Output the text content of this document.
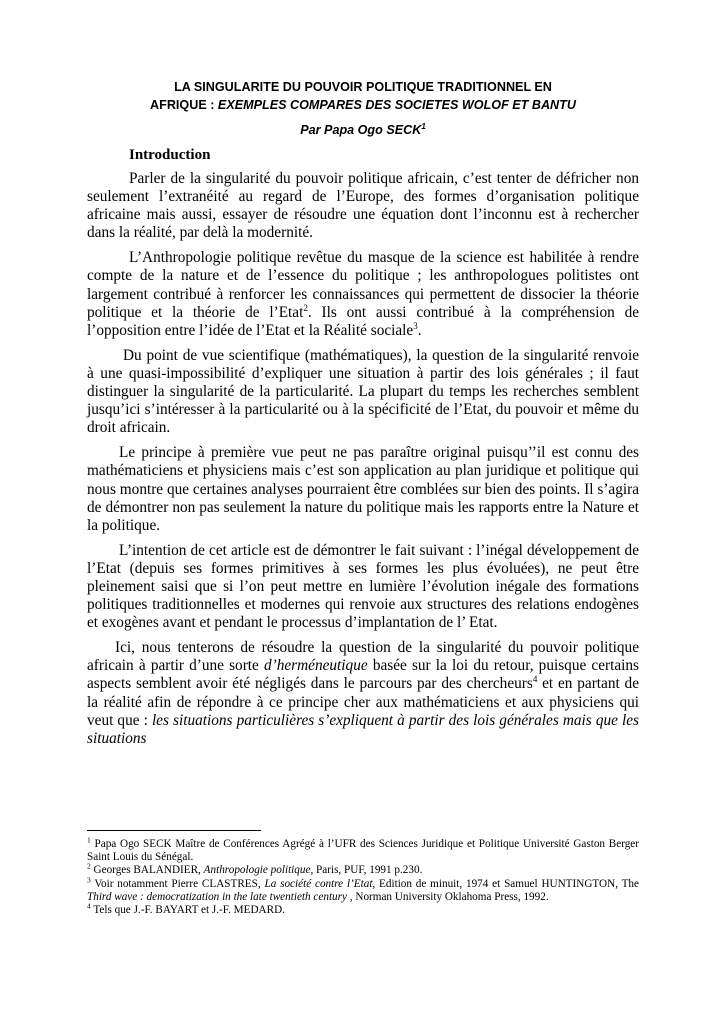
LA SINGULARITE DU POUVOIR POLITIQUE TRADITIONNEL EN
AFRIQUE : EXEMPLES COMPARES DES SOCIETES WOLOF ET BANTU
Par Papa Ogo SECK$^1$
Introduction

Parler de la singularité du pouvoir politique africain, c’est tenter de défricher non seulement l’extranéité au regard de l’Europe, des formes d’organisation politique africaine mais aussi, essayer de résoudre une équation dont l’inconnu est à rechercher dans la réalité, par delà la modernité.

L’Anthropologie politique revêtue du masque de la science est habilitée à rendre compte de la nature et de l’essence du politique ; les anthropologues politistes ont largement contribué à renforcer les connaissances qui permettent de dissocier la théorie politique et la théorie de l’Etat$^2$. Ils ont aussi contribué à la compréhension de l’opposition entre l’idée de l’Etat et la Réalité sociale$^3$.

Du point de vue scientifique (mathématiques), la question de la singularité renvoie à une quasi-impossibilité d’expliquer une situation à partir des lois générales ; il faut distinguer la singularité de la particularité. La plupart du temps les recherches semblent jusqu’ici s’intéresser à la particularité ou à la spécificité de l’Etat, du pouvoir et même du droit africain.

Le principe à première vue peut ne pas paraître original puisqu’’il est connu des mathématiciens et physiciens mais c’est son application au plan juridique et politique qui nous montre que certaines analyses pourraient être comblées sur bien des points. Il s’agira de démontrer non pas seulement la nature du politique mais les rapports entre la Nature et la politique.

L’intention de cet article est de démontrer le fait suivant : l’inégal développement de l’Etat (depuis ses formes primitives à ses formes les plus évoluées), ne peut être pleinement saisi que si l’on peut mettre en lumière l’évolution inégale des formations politiques traditionnelles et modernes qui renvoie aux structures des relations endogènes et exogènes avant et pendant le processus d’implantation de l’ Etat.

Ici, nous tenterons de résoudre la question de la singularité du pouvoir politique africain à partir d’une sorte d’herméneutique basée sur la loi du retour, puisque certains aspects semblent avoir été négligés dans le parcours par des chercheurs$^4$ et en partant de la réalité afin de répondre à ce principe cher aux mathématiciens et aux physiciens qui veut que : les situations particulières s’expliquent à partir des lois générales mais que les situations

$^1$ Papa Ogo SECK Maître de Conférences Agrégé à l’UFR des Sciences Juridique et Politique Université Gaston Berger Saint Louis du Sénégal.
$^2$ Georges BALANDIER, Anthropologie politique, Paris, PUF, 1991 p.230.
$^3$ Voir notamment Pierre CLASTRES, La société contre l’Etat, Edition de minuit, 1974 et Samuel HUNTINGTON, The Third wave : democratization in the late twentieth century , Norman University Oklahoma Press, 1992.
$^4$ Tels que J.-F. BAYART et J.-F. MEDARD.
